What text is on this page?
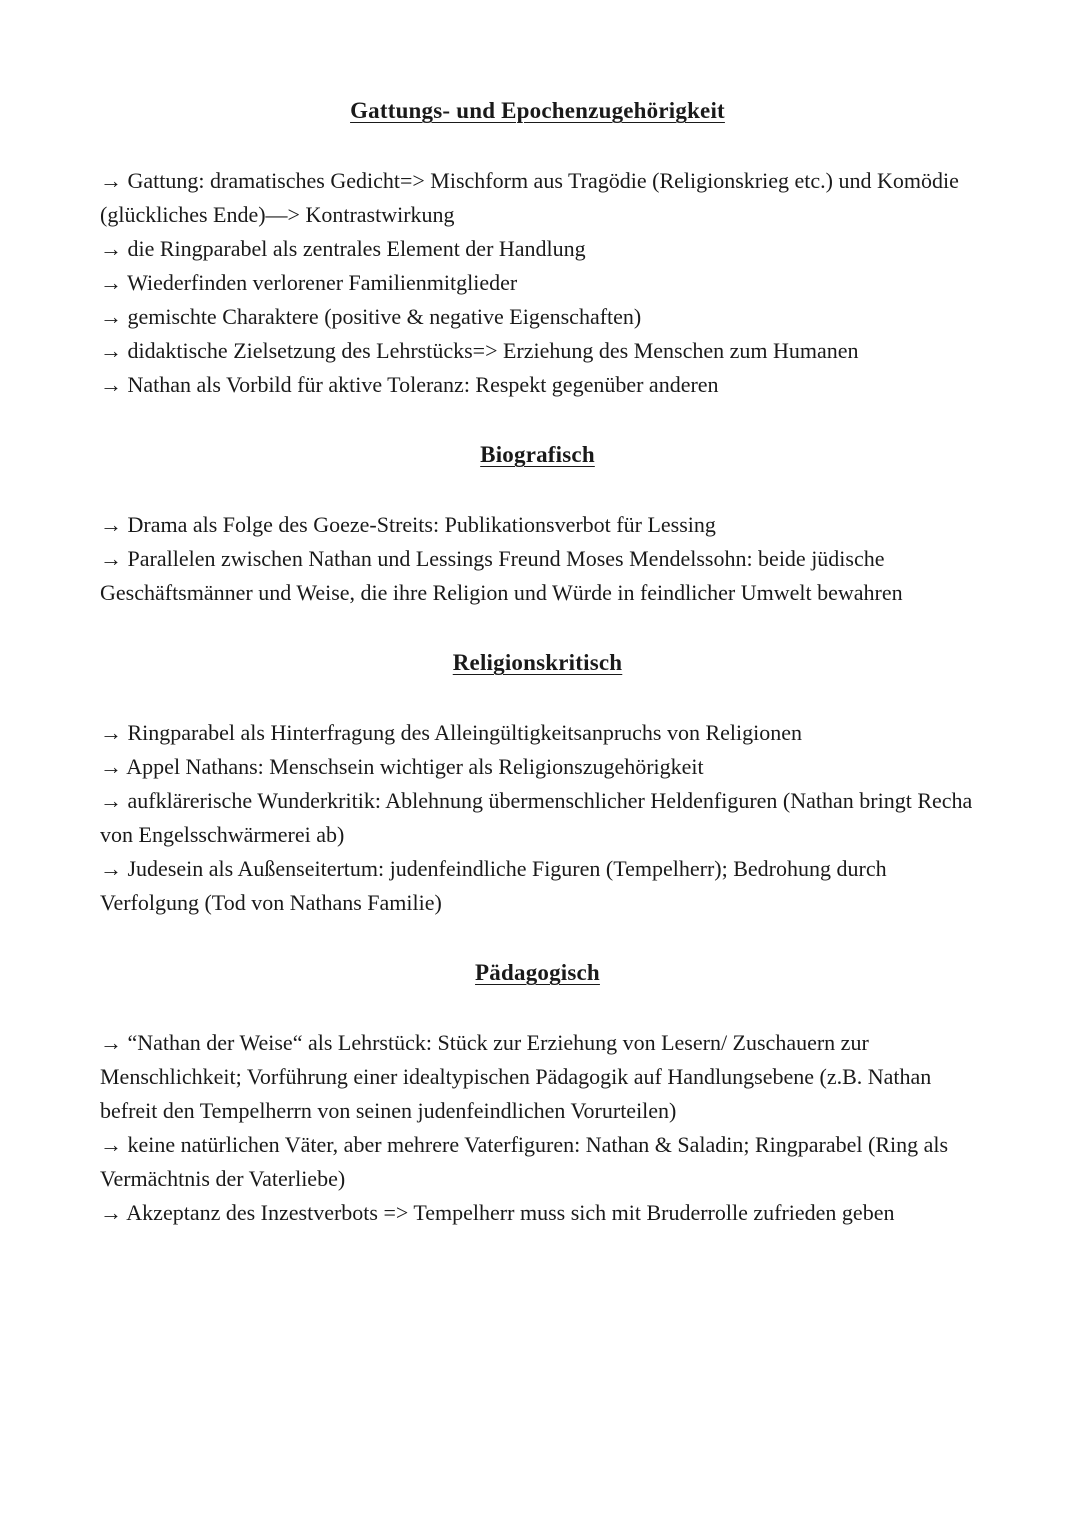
Gattungs- und Epochenzugehörigkeit

→ Gattung: dramatisches Gedicht=> Mischform aus Tragödie (Religionskrieg etc.) und Komödie (glückliches Ende)—> Kontrastwirkung

→ die Ringparabel als zentrales Element der Handlung

→ Wiederfinden verlorener Familienmitglieder

→ gemischte Charaktere (positive & negative Eigenschaften)

→ didaktische Zielsetzung des Lehrstücks=> Erziehung des Menschen zum Humanen

→ Nathan als Vorbild für aktive Toleranz: Respekt gegenüber anderen

Biografisch

→ Drama als Folge des Goeze-Streits: Publikationsverbot für Lessing

→ Parallelen zwischen Nathan und Lessings Freund Moses Mendelssohn: beide jüdische Geschäftsmänner und Weise, die ihre Religion und Würde in feindlicher Umwelt bewahren

Religionskritisch

→ Ringparabel als Hinterfragung des Alleingültigkeitsanpruchs von Religionen

→ Appel Nathans: Menschsein wichtiger als Religionszugehörigkeit

→ aufklärerische Wunderkritik: Ablehnung übermenschlicher Heldenfiguren (Nathan bringt Recha von Engelsschwärmerei ab)

→ Judesein als Außenseitertum: judenfeindliche Figuren (Tempelherr); Bedrohung durch Verfolgung (Tod von Nathans Familie)

Pädagogisch

→ “Nathan der Weise“ als Lehrstück: Stück zur Erziehung von Lesern/ Zuschauern zur Menschlichkeit; Vorführung einer idealtypischen Pädagogik auf Handlungsebene (z.B. Nathan befreit den Tempelherrn von seinen judenfeindlichen Vorurteilen)

→ keine natürlichen Väter, aber mehrere Vaterfiguren: Nathan & Saladin; Ringparabel (Ring als Vermächtnis der Vaterliebe)

→ Akzeptanz des Inzestverbots => Tempelherr muss sich mit Bruderrolle zufrieden geben
